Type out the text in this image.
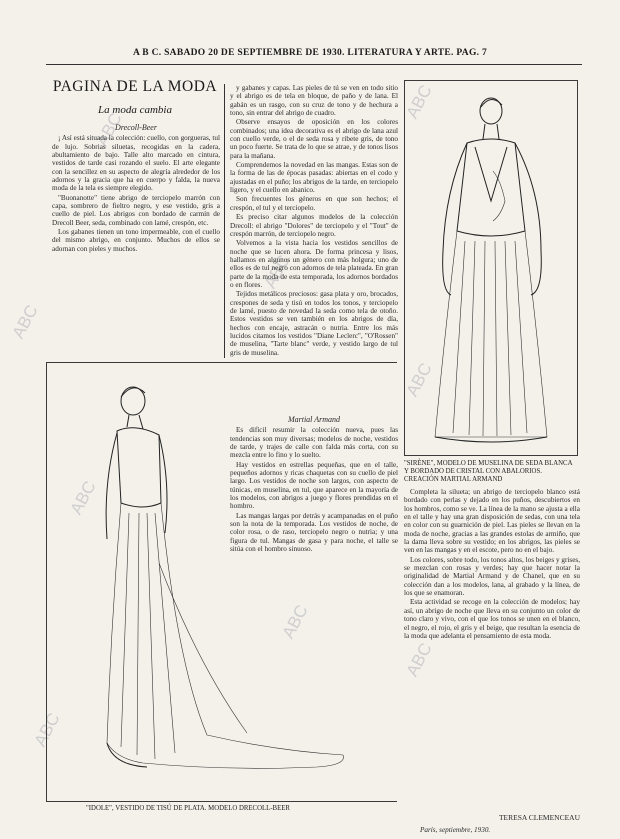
ABC
ABC
ABC
ABC
ABC
ABC
ABC
ABC
ABC
A B C. SABADO 20 DE SEPTIEMBRE DE 1930. LITERATURA Y ARTE. PAG. 7
PAGINA DE LA MODA
La moda cambia

Drecoll-Beer

¡ Así está situada la colección: cuello, con gorgueras, tul de lujo. Sobrias siluetas, recogidas en la cadera, abultamiento de bajo. Talle alto marcado en cintura, vestidos de tarde casi rozando el suelo. El arte elegante con la sencillez en su aspecto de alegría alrededor de los adornos y la gracia que ha en cuerpo y falda, la nueva moda de la tela es siempre elegido.

"Buonanotte" tiene abrigo de terciopelo marrón con capa, sombrero de fieltro negro, y ese vestido, gris a cuello de piel. Los abrigos con bordado de carmín de Drecoll Beer, seda, combinado con lamé, crespón, etc.

Los gabanes tienen un tono impermeable, con el cuello del mismo abrigo, en conjunto. Muchos de ellos se adornan con pieles y muchos.

y gabanes y capas. Las pieles de tú se ven en todo sitio y el abrigo es de tela en bloque, de paño y de lana. El gabán es un rasgo, con su cruz de tono y de hechura a tono, sin entrar del abrigo de cuadro.

Observe ensayos de oposición en los colores combinados; una idea decorativa es el abrigo de lana azul con cuello verde, o el de seda rosa y ribete gris, de tono un poco fuerte. Se trata de lo que se atrae, y de tonos lisos para la mañana.

Comprendemos la novedad en las mangas. Estas son de la forma de las de épocas pasadas: abiertas en el codo y ajustadas en el puño; los abrigos de la tarde, en terciopelo ligero, y el cuello en abanico.

Son frecuentes los géneros en que son hechos; el crespón, el tul y el terciopelo.

Es preciso citar algunos modelos de la colección Drecoll: el abrigo "Dolores" de terciopelo y el "Tout" de crespón marrón, de terciopelo negro.

Volvemos a la vista hacia los vestidos sencillos de noche que se lucen ahora. De forma princesa y lisos, hallamos en algunos un género con más holgura; uno de ellos es de tul negro con adornos de tela plateada. En gran parte de la moda de esta temporada, los adornos bordados o en flores.

Tejidos metálicos preciosos: gasa plata y oro, brocados, crespones de seda y tisú en todos los tonos, y terciopelo de lamé, puesto de novedad la seda como tela de otoño. Estos vestidos se ven también en los abrigos de día, hechos con encaje, astracán o nutria. Entre los más lucidos citamos los vestidos "Diane Leclerc", "O'Rossen" de muselina, "Tarte blanc" verde, y vestido largo de tul gris de muselina.

Martial Armand

Es difícil resumir la colección nueva, pues las tendencias son muy diversas; modelos de noche, vestidos de tarde, y trajes de calle con falda más corta, con su mezcla entre lo fino y lo suelto.

Hay vestidos en estrellas pequeñas, que en el talle, pequeños adornos y ricas chaquetas con su cuello de piel largo. Los vestidos de noche son largos, con aspecto de túnicas, en muselina, en tul, que aparece en la mayoría de los modelos, con abrigos a juego y flores prendidas en el hombro.

Las mangas largas por detrás y acampanadas en el puño son la nota de la temporada. Los vestidos de noche, de color rosa, o de raso, terciopelo negro o nutria; y una figura de tul. Mangas de gasa y para noche, el talle se sitúa con el hombro sinuoso.

"SIRÈNE", MODELO DE MUSELINA DE SEDA BLANCA Y BORDADO DE CRISTAL CON ABALORIOS. CREACIÓN MARTIAL ARMAND
"IDOLE", VESTIDO DE TISÚ DE PLATA. MODELO DRECOLL-BEER

Completa la silueta; un abrigo de terciopelo blanco está bordado con perlas y dejado en los puños, descubiertos en los hombros, como se ve. La línea de la mano se ajusta a ella en el talle y hay una gran disposición de sedas, con una tela en color con su guarnición de piel. Las pieles se llevan en la moda de noche, gracias a las grandes estolas de armiño, que la dama lleva sobre su vestido; en los abrigos, las pieles se ven en las mangas y en el escote, pero no en el bajo.

Los colores, sobre todo, los tonos altos, los beiges y grises, se mezclan con rosas y verdes; hay que hacer notar la originalidad de Martial Armand y de Chanel, que en su colección dan a los modelos, lana, al grabado y la línea, de los que se enamoran.

Esta actividad se recoge en la colección de modelos; hay así, un abrigo de noche que lleva en su conjunto un color de tono claro y vivo, con el que los tonos se unen en el blanco, el negro, el rojo, el gris y el beige, que resultan la esencia de la moda que adelanta el pensamiento de esta moda.

TERESA CLEMENCEAU
París, septiembre, 1930.
